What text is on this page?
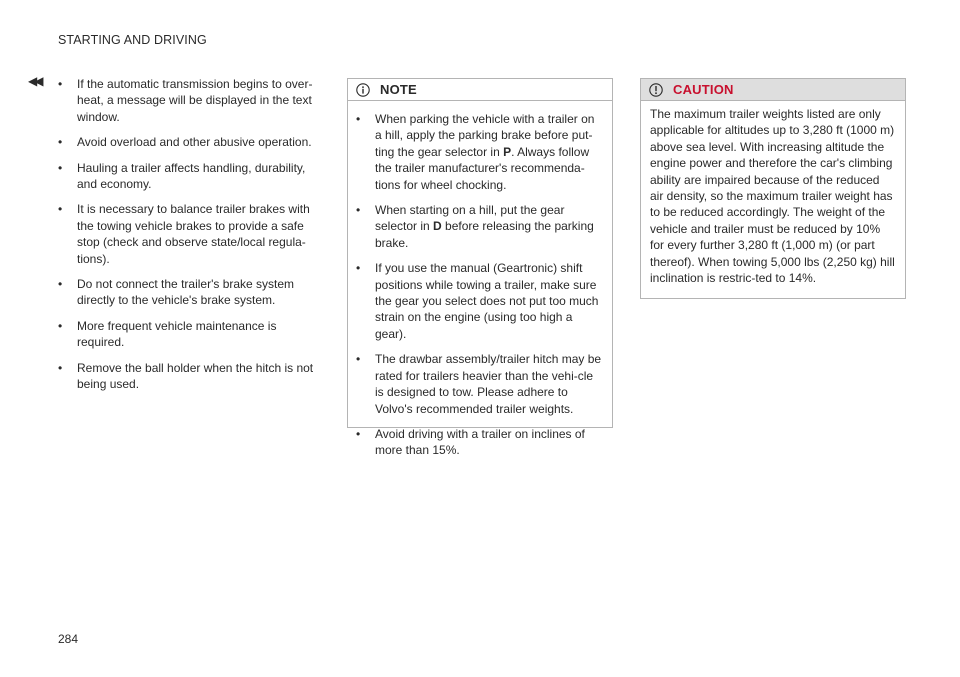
STARTING AND DRIVING
◀◀ • If the automatic transmission begins to over-heat, a message will be displayed in the text window.
• Avoid overload and other abusive operation.
• Hauling a trailer affects handling, durability, and economy.
• It is necessary to balance trailer brakes with the towing vehicle brakes to provide a safe stop (check and observe state/local regula-tions).
• Do not connect the trailer's brake system directly to the vehicle's brake system.
• More frequent vehicle maintenance is required.
• Remove the ball holder when the hitch is not being used.
NOTE
• When parking the vehicle with a trailer on a hill, apply the parking brake before put-ting the gear selector in P. Always follow the trailer manufacturer's recommenda-tions for wheel chocking.
• When starting on a hill, put the gear selector in D before releasing the parking brake.
• If you use the manual (Geartronic) shift positions while towing a trailer, make sure the gear you select does not put too much strain on the engine (using too high a gear).
• The drawbar assembly/trailer hitch may be rated for trailers heavier than the vehi-cle is designed to tow. Please adhere to Volvo's recommended trailer weights.
• Avoid driving with a trailer on inclines of more than 15%.
CAUTION
The maximum trailer weights listed are only applicable for altitudes up to 3,280 ft (1000 m) above sea level. With increasing altitude the engine power and therefore the car's climbing ability are impaired because of the reduced air density, so the maximum trailer weight has to be reduced accordingly. The weight of the vehicle and trailer must be reduced by 10% for every further 3,280 ft (1,000 m) (or part thereof). When towing 5,000 lbs (2,250 kg) hill inclination is restric-ted to 14%.
284
